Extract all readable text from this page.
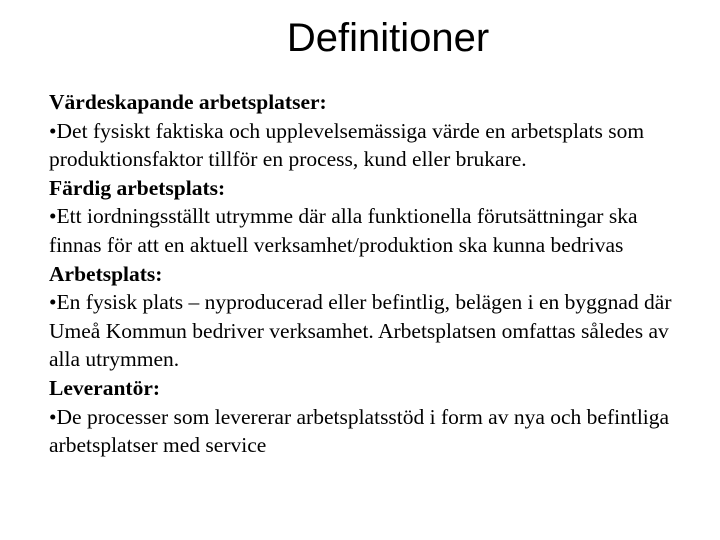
Definitioner
Värdeskapande arbetsplatser:
•Det fysiskt faktiska och upplevelsemässiga värde en arbetsplats som produktionsfaktor tillför en process, kund eller brukare.
Färdig arbetsplats:
•Ett iordningsställt utrymme där alla funktionella förutsättningar ska finnas för att en aktuell verksamhet/produktion ska kunna bedrivas
Arbetsplats:
•En fysisk plats – nyproducerad eller befintlig, belägen i en byggnad där Umeå Kommun bedriver verksamhet. Arbetsplatsen omfattas således av alla utrymmen.
Leverantör:
•De processer som levererar arbetsplatsstöd i form av nya och befintliga arbetsplatser med service
